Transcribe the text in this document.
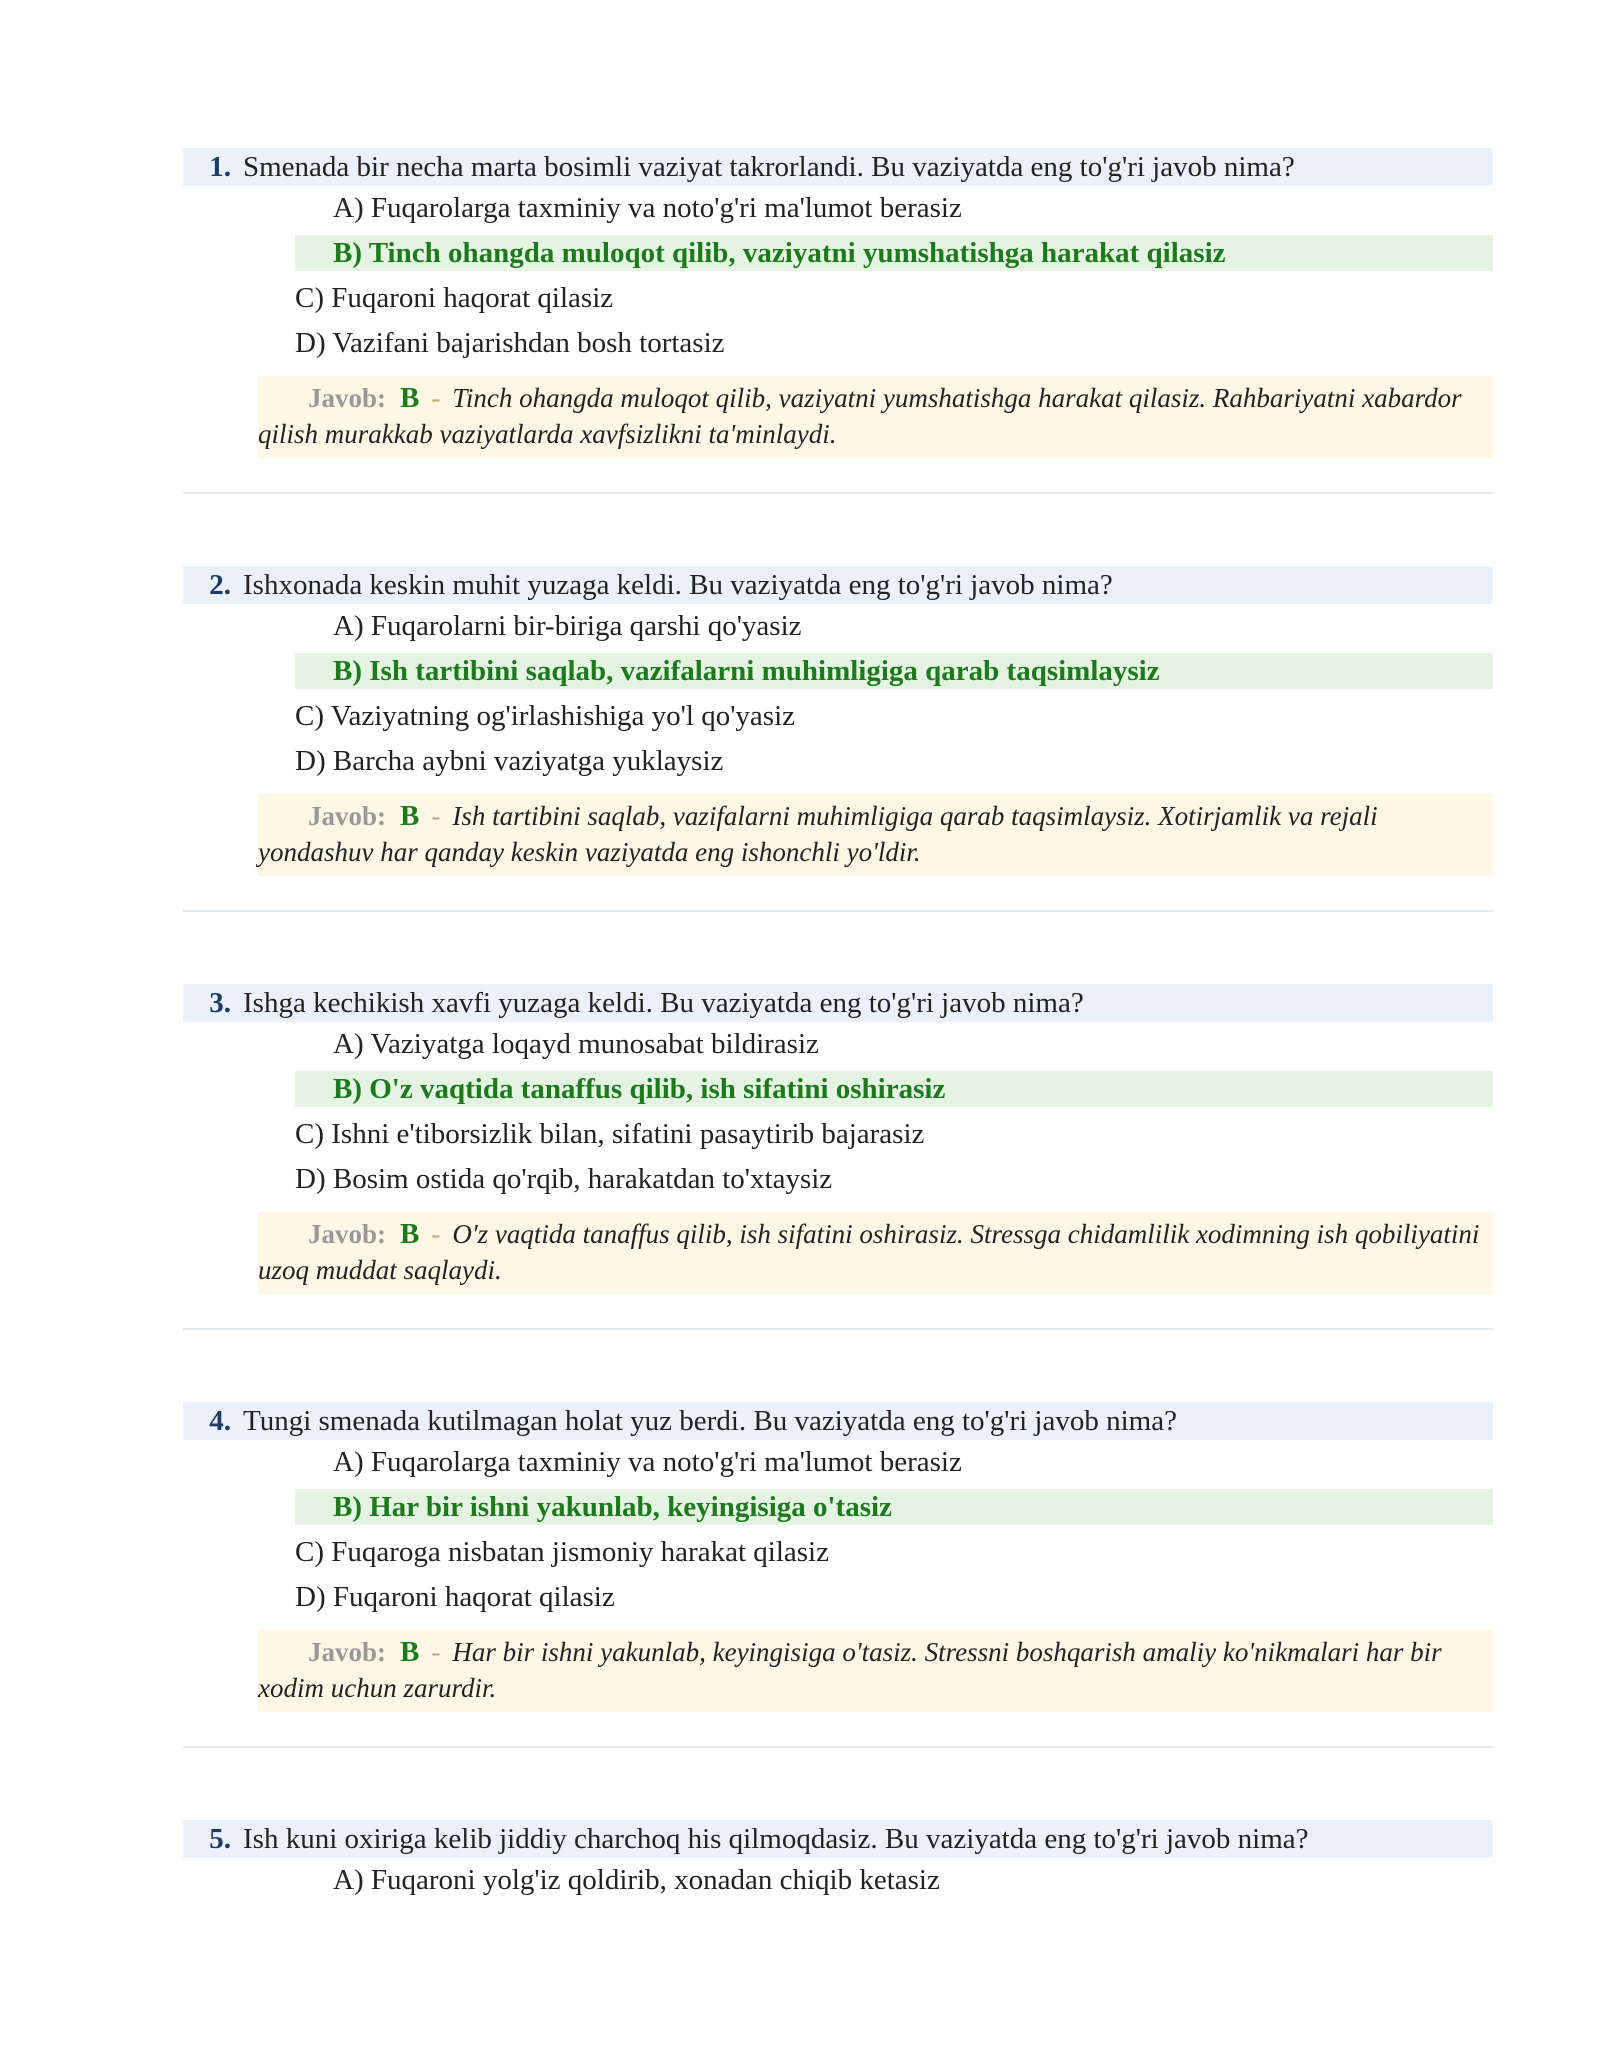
1. Smenada bir necha marta bosimli vaziyat takrorlandi. Bu vaziyatda eng to'g'ri javob nima?
A) Fuqarolarga taxminiy va noto'g'ri ma'lumot berasiz
B) Tinch ohangda muloqot qilib, vaziyatni yumshatishga harakat qilasiz
C) Fuqaroni haqorat qilasiz
D) Vazifani bajarishdan bosh tortasiz
Javob: B - Tinch ohangda muloqot qilib, vaziyatni yumshatishga harakat qilasiz. Rahbariyatni xabardor qilish murakkab vaziyatlarda xavfsizlikni ta'minlaydi.
2. Ishxonada keskin muhit yuzaga keldi. Bu vaziyatda eng to'g'ri javob nima?
A) Fuqarolarni bir-biriga qarshi qo'yasiz
B) Ish tartibini saqlab, vazifalarni muhimligiga qarab taqsimlaysiz
C) Vaziyatning og'irlashishiga yo'l qo'yasiz
D) Barcha aybni vaziyatga yuklaysiz
Javob: B - Ish tartibini saqlab, vazifalarni muhimligiga qarab taqsimlaysiz. Xotirjamlik va rejali yondashuv har qanday keskin vaziyatda eng ishonchli yo'ldir.
3. Ishga kechikish xavfi yuzaga keldi. Bu vaziyatda eng to'g'ri javob nima?
A) Vaziyatga loqayd munosabat bildirasiz
B) O'z vaqtida tanaffus qilib, ish sifatini oshirasiz
C) Ishni e'tiborsizlik bilan, sifatini pasaytirib bajarasiz
D) Bosim ostida qo'rqib, harakatdan to'xtaysiz
Javob: B - O'z vaqtida tanaffus qilib, ish sifatini oshirasiz. Stressga chidamlilik xodimning ish qobiliyatini uzoq muddat saqlaydi.
4. Tungi smenada kutilmagan holat yuz berdi. Bu vaziyatda eng to'g'ri javob nima?
A) Fuqarolarga taxminiy va noto'g'ri ma'lumot berasiz
B) Har bir ishni yakunlab, keyingisiga o'tasiz
C) Fuqaroga nisbatan jismoniy harakat qilasiz
D) Fuqaroni haqorat qilasiz
Javob: B - Har bir ishni yakunlab, keyingisiga o'tasiz. Stressni boshqarish amaliy ko'nikmalari har bir xodim uchun zarurdir.
5. Ish kuni oxiriga kelib jiddiy charchoq his qilmoqdasiz. Bu vaziyatda eng to'g'ri javob nima?
A) Fuqaroni yolg'iz qoldirib, xonadan chiqib ketasiz
